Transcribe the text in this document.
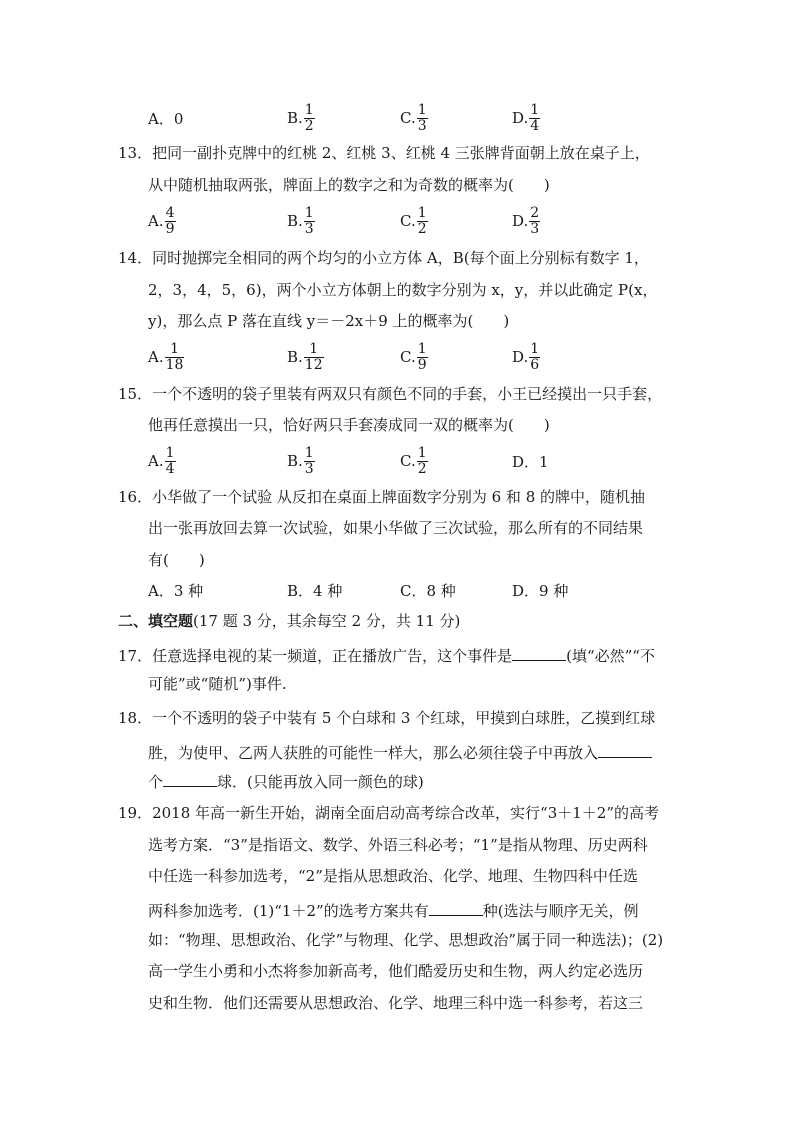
A．0	B. $\frac{1}{2}$	C. $\frac{1}{3}$	D. $\frac{1}{4}$
13．把同一副扑克牌中的红桃 2、红桃 3、红桃 4 三张牌背面朝上放在桌子上，
从中随机抽取两张，牌面上的数字之和为奇数的概率为(　　)
A. $\frac{4}{9}$	B. $\frac{1}{3}$	C. $\frac{1}{2}$	D. $\frac{2}{3}$
14．同时抛掷完全相同的两个均匀的小立方体 A，B(每个面上分别标有数字 1，
2，3，4，5，6)，两个小立方体朝上的数字分别为 x，y，并以此确定 P(x，
y)，那么点 P 落在直线 y＝－2x＋9 上的概率为(　　)
A. $\frac{1}{18}$	B. $\frac{1}{12}$	C. $\frac{1}{9}$	D. $\frac{1}{6}$
15．一个不透明的袋子里装有两双只有颜色不同的手套，小王已经摸出一只手套，
他再任意摸出一只，恰好两只手套凑成同一双的概率为(　　)
A. $\frac{1}{4}$	B. $\frac{1}{3}$	C. $\frac{1}{2}$	D．1
16．小华做了一个试验 从反扣在桌面上牌面数字分别为 6 和 8 的牌中，随机抽
出一张再放回去算一次试验，如果小华做了三次试验，那么所有的不同结果
有(　　)
A．3 种	B．4 种	C．8 种	D．9 种
二、填空题(17 题 3 分，其余每空 2 分，共 11 分)
17．任意选择电视的某一频道，正在播放广告，这个事件是	(填“必然”“不
可能”或“随机”)事件.
18．一个不透明的袋子中装有 5 个白球和 3 个红球，甲摸到白球胜，乙摸到红球
胜，为使甲、乙两人获胜的可能性一样大，那么必须往袋子中再放入
个	球．(只能再放入同一颜色的球)
19．2018 年高一新生开始，湖南全面启动高考综合改革，实行“3＋1＋2”的高考
选考方案．“3”是指语文、数学、外语三科必考；“1”是指从物理、历史两科
中任选一科参加选考，“2”是指从思想政治、化学、地理、生物四科中任选
两科参加选考．(1)“1＋2”的选考方案共有	种(选法与顺序无关，例
如：“物理、思想政治、化学”与物理、化学、思想政治”属于同一种选法)；(2)
高一学生小勇和小杰将参加新高考，他们酷爱历史和生物，两人约定必选历
史和生物．他们还需要从思想政治、化学、地理三科中选一科参考，若这三
